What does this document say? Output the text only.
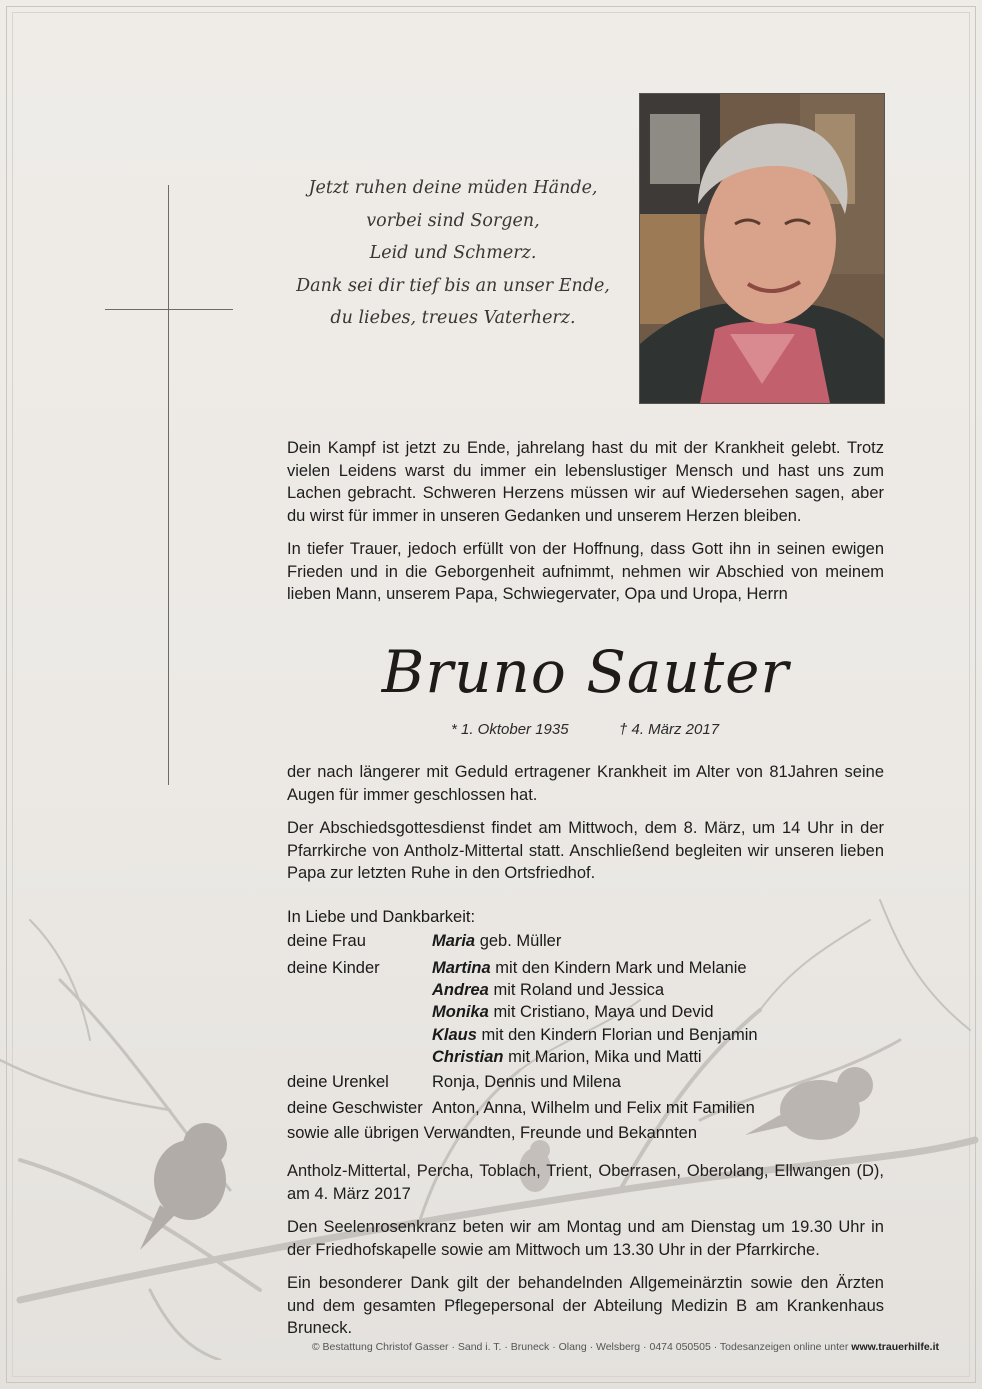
Jetzt ruhen deine müden Hände,
vorbei sind Sorgen,
Leid und Schmerz.
Dank sei dir tief bis an unser Ende,
du liebes, treues Vaterherz.

Dein Kampf ist jetzt zu Ende, jahrelang hast du mit der Krankheit gelebt. Trotz vielen Leidens warst du immer ein lebenslustiger Mensch und hast uns zum Lachen gebracht. Schweren Herzens müssen wir auf Wiedersehen sagen, aber du wirst für immer in unseren Gedanken und unserem Herzen bleiben.

In tiefer Trauer, jedoch erfüllt von der Hoffnung, dass Gott ihn in seinen ewigen Frieden und in die Geborgenheit aufnimmt, nehmen wir Abschied von meinem lieben Mann, unserem Papa, Schwiegervater, Opa und Uropa, Herrn

Bruno Sauter
* 1. Oktober 1935	† 4. März 2017

der nach längerer mit Geduld ertragener Krankheit im Alter von 81Jahren seine Augen für immer geschlossen hat.

Der Abschiedsgottesdienst findet am Mittwoch, dem 8. März, um 14 Uhr in der Pfarrkirche von Antholz-Mittertal statt. Anschließend begleiten wir unseren lieben Papa zur letzten Ruhe in den Ortsfriedhof.

In Liebe und Dankbarkeit:
deine Frau	Maria geb. Müller
deine Kinder	Martina mit den Kindern Mark und Melanie
Andrea mit Roland und Jessica
Monika mit Cristiano, Maya und Devid
Klaus mit den Kindern Florian und Benjamin
Christian mit Marion, Mika und Matti
deine Urenkel	Ronja, Dennis und Milena
deine Geschwister Anton, Anna, Wilhelm und Felix mit Familien
sowie alle übrigen Verwandten, Freunde und Bekannten

Antholz-Mittertal, Percha, Toblach, Trient, Oberrasen, Oberolang, Ellwangen (D), am 4. März 2017

Den Seelenrosenkranz beten wir am Montag und am Dienstag um 19.30 Uhr in der Friedhofskapelle sowie am Mittwoch um 13.30 Uhr in der Pfarrkirche.

Ein besonderer Dank gilt der behandelnden Allgemeinärztin sowie den Ärzten und dem gesamten Pflegepersonal der Abteilung Medizin B am Krankenhaus Bruneck.

© Bestattung Christof Gasser · Sand i. T. · Bruneck · Olang · Welsberg · 0474 050505 · Todesanzeigen online unter www.trauerhilfe.it
